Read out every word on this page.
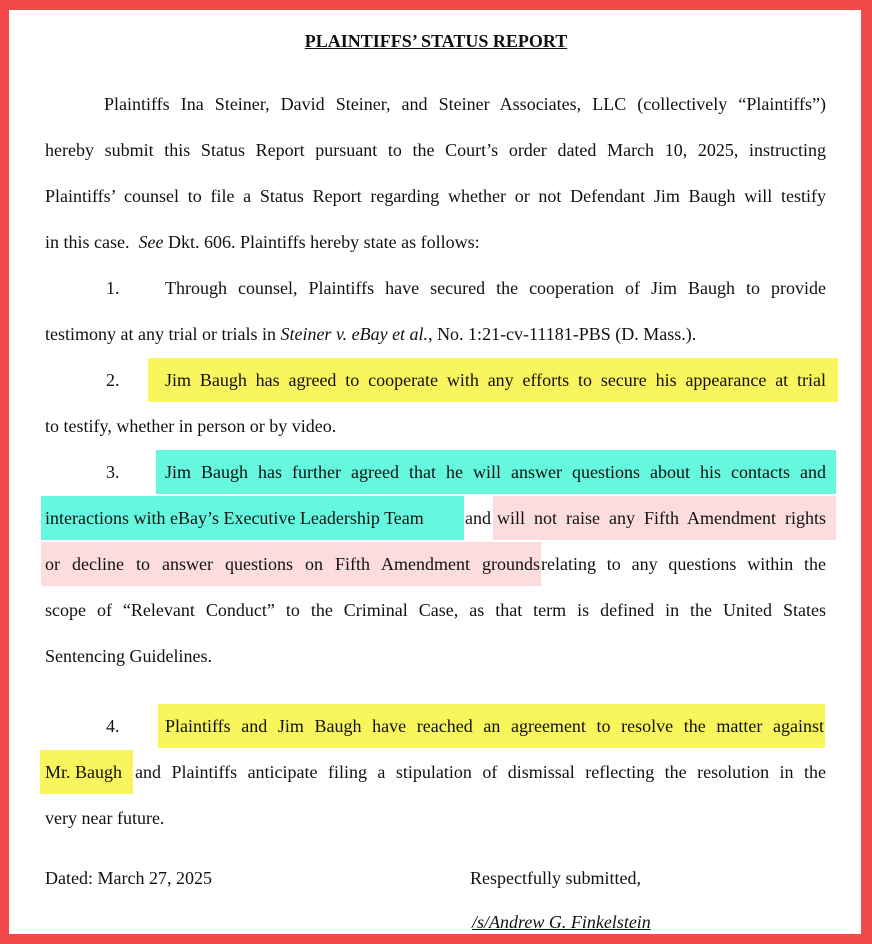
PLAINTIFFS’ STATUS REPORT
Plaintiffs Ina Steiner, David Steiner, and Steiner Associates, LLC (collectively “Plaintiffs”)
hereby submit this Status Report pursuant to the Court’s order dated March 10, 2025, instructing
Plaintiffs’ counsel to file a Status Report regarding whether or not Defendant Jim Baugh will testify
in this case. See Dkt. 606. Plaintiffs hereby state as follows:
1.	Through counsel, Plaintiffs have secured the cooperation of Jim Baugh to provide
testimony at any trial or trials in Steiner v. eBay et al., No. 1:21-cv-11181-PBS (D. Mass.).
2.	Jim Baugh has agreed to cooperate with any efforts to secure his appearance at trial
to testify, whether in person or by video.
3.	Jim Baugh has further agreed that he will answer questions about his contacts and
interactions with eBay’s Executive Leadership Team and will not raise any Fifth Amendment rights
or decline to answer questions on Fifth Amendment grounds relating to any questions within the
scope of “Relevant Conduct” to the Criminal Case, as that term is defined in the United States
Sentencing Guidelines.
4.	Plaintiffs and Jim Baugh have reached an agreement to resolve the matter against
Mr. Baugh and Plaintiffs anticipate filing a stipulation of dismissal reflecting the resolution in the
very near future.
Dated: March 27, 2025	Respectfully submitted,
/s/Andrew G. Finkelstein
